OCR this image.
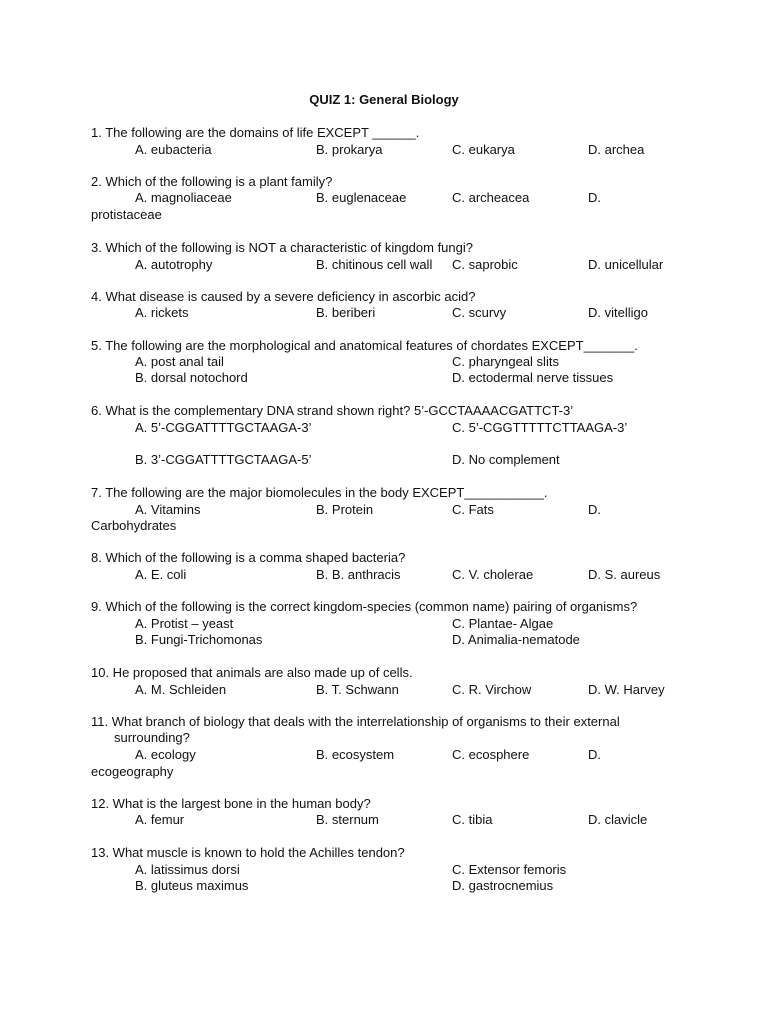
QUIZ 1: General Biology
1. The following are the domains of life EXCEPT ______.
A. eubacteria	B. prokarya	C. eukarya	D. archea
2. Which of the following is a plant family?
A. magnoliaceae	B. euglenaceae	C. archeacea	D.
protistaceae
3. Which of the following is NOT a characteristic of kingdom fungi?
A. autotrophy	B. chitinous cell wall C. saprobic	D. unicellular
4. What disease is caused by a severe deficiency in ascorbic acid?
A. rickets	B. beriberi	C. scurvy	D. vitelligo
5. The following are the morphological and anatomical features of chordates EXCEPT_______.
A. post anal tail	C. pharyngeal slits
B. dorsal notochord	D. ectodermal nerve tissues
6. What is the complementary DNA strand shown right? 5’-GCCTAAAACGATTCT-3’
A. 5’-CGGATTTTGCTAAGA-3’	C. 5’-CGGTTTTTCTTAAGA-3’
B. 3’-CGGATTTTGCTAAGA-5’	D. No complement
7. The following are the major biomolecules in the body EXCEPT___________.
A. Vitamins	B. Protein	C. Fats	D.
Carbohydrates
8. Which of the following is a comma shaped bacteria?
A. E. coli	B. B. anthracis	C. V. cholerae	D. S. aureus
9. Which of the following is the correct kingdom-species (common name) pairing of organisms?
A. Protist – yeast	C. Plantae- Algae
B. Fungi-Trichomonas	D. Animalia-nematode
10. He proposed that animals are also made up of cells.
A. M. Schleiden	B. T. Schwann	C. R. Virchow	D. W. Harvey
11. What branch of biology that deals with the interrelationship of organisms to their external
surrounding?
A. ecology	B. ecosystem	C. ecosphere	D.
ecogeography
12. What is the largest bone in the human body?
A. femur	B. sternum	C. tibia	D. clavicle
13. What muscle is known to hold the Achilles tendon?
A. latissimus dorsi	C. Extensor femoris
B. gluteus maximus	D. gastrocnemius
